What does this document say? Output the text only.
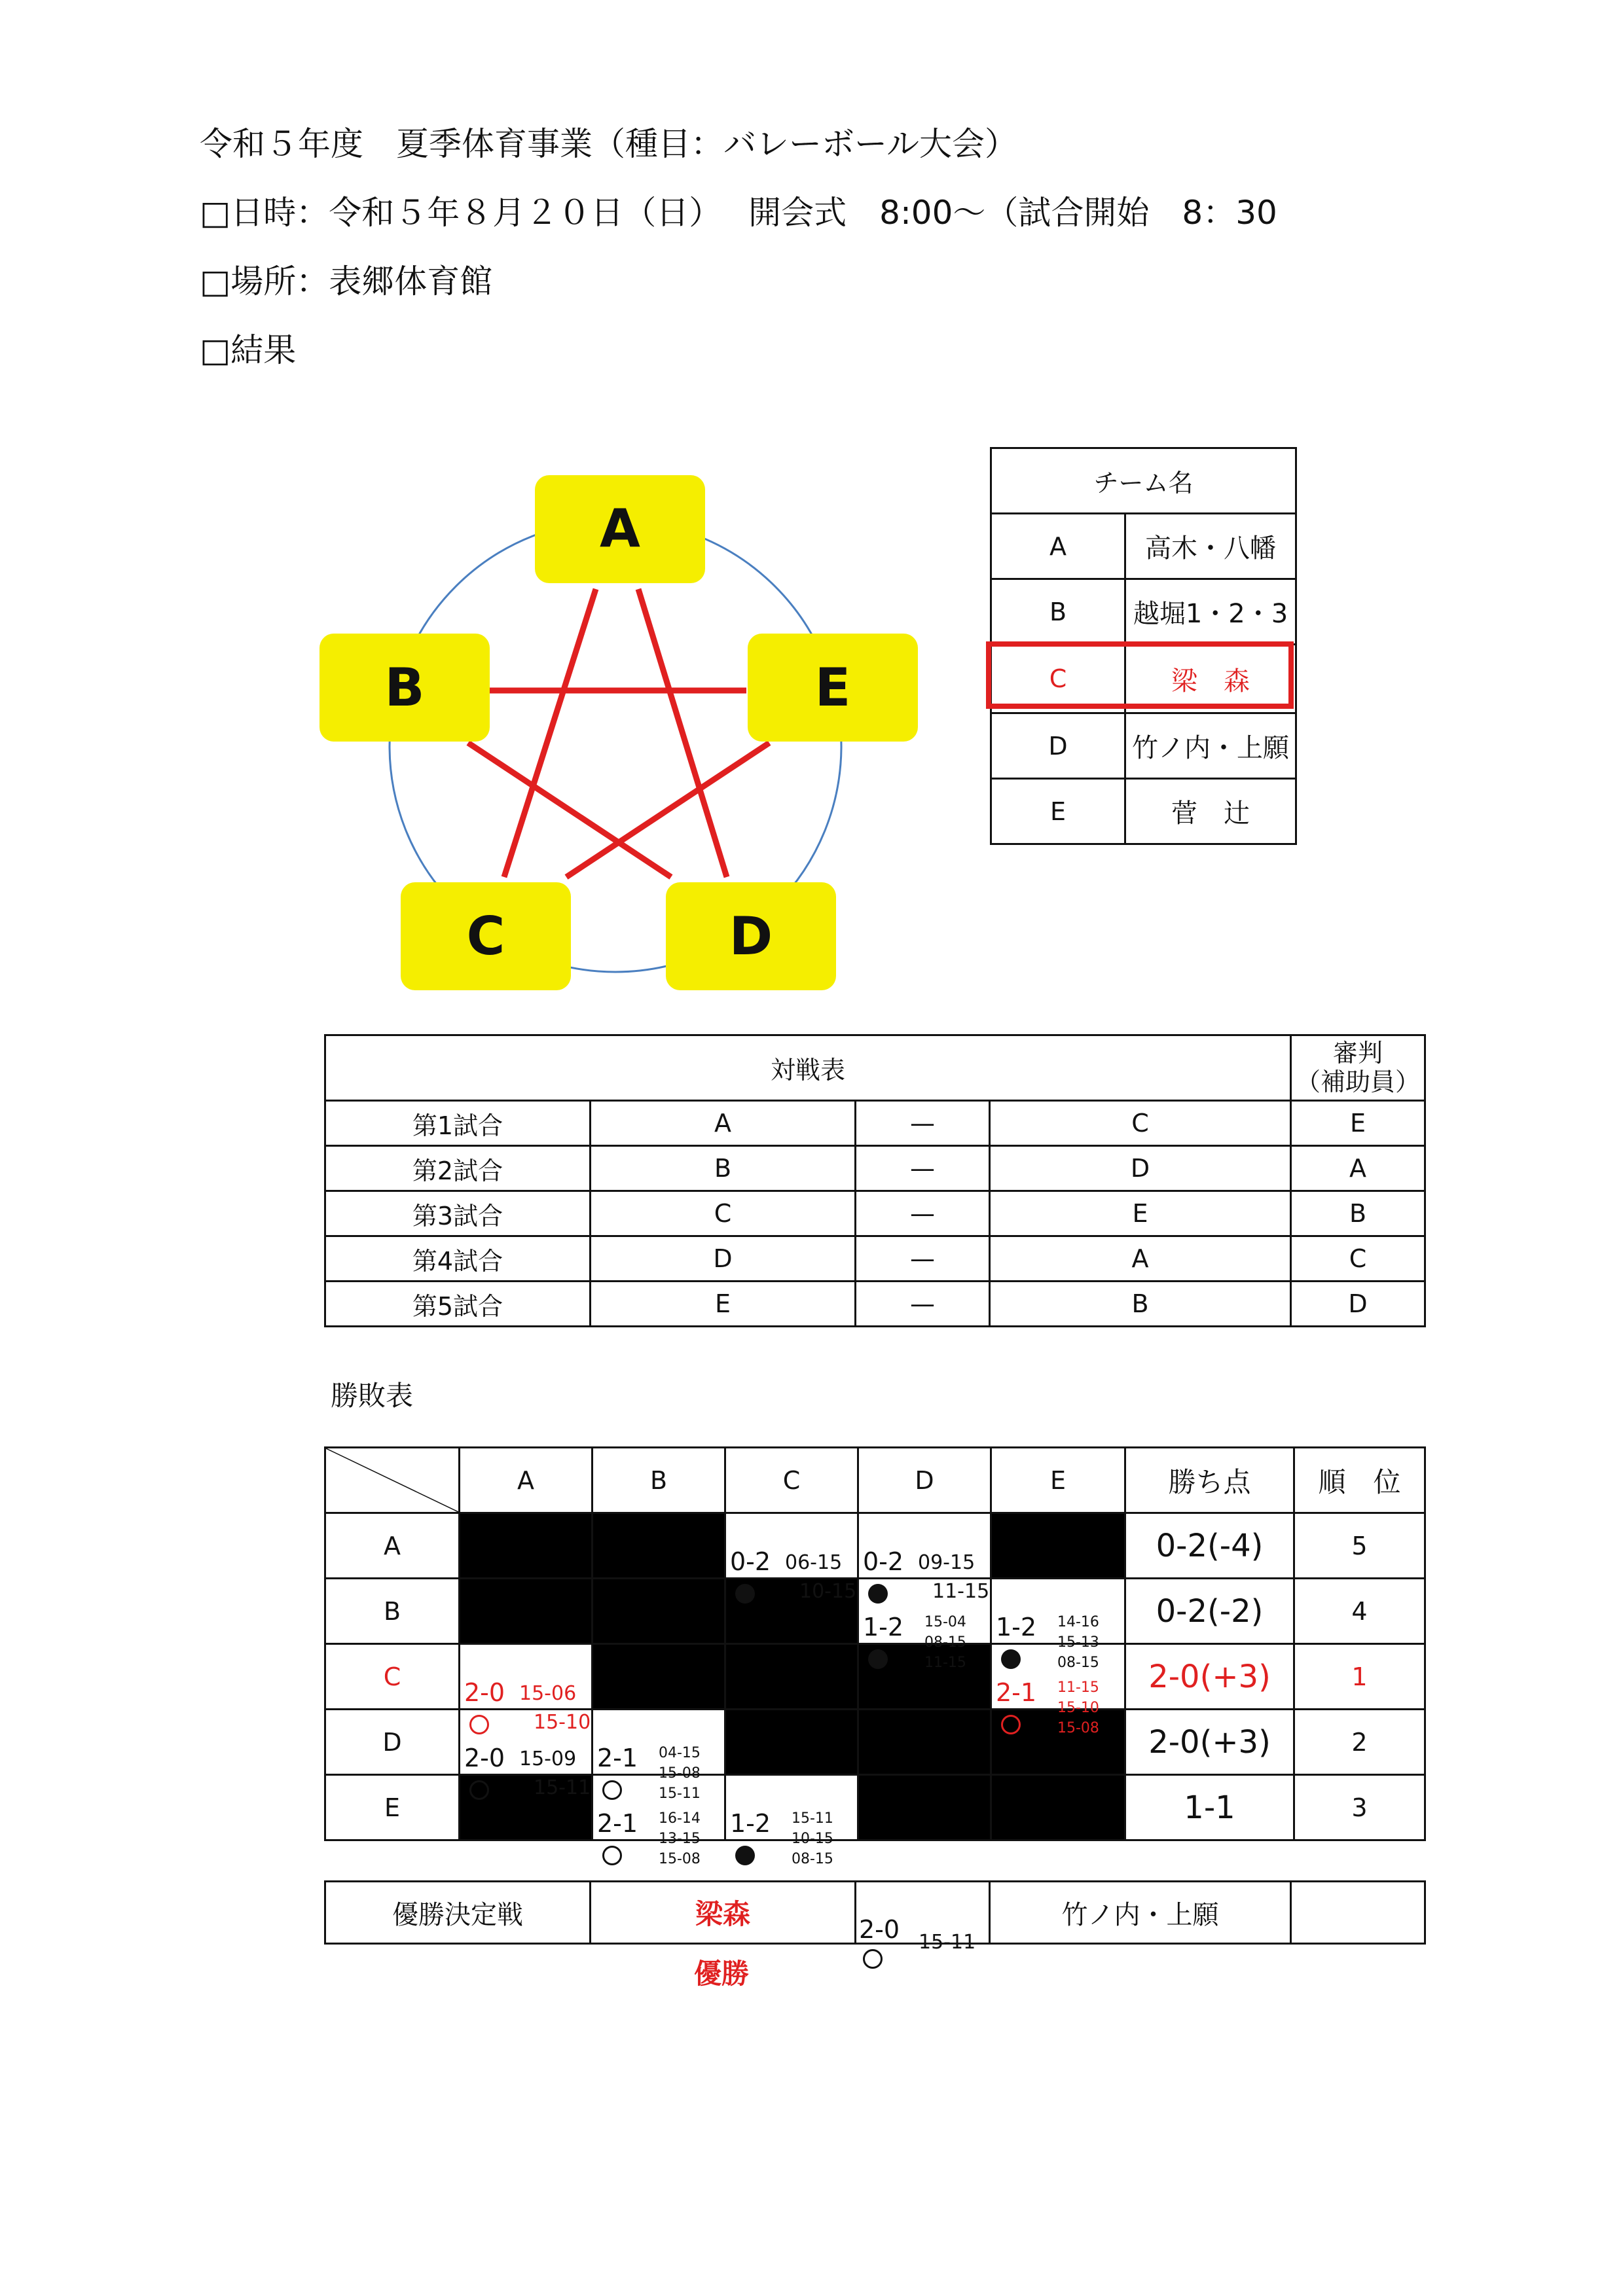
令和５年度　夏季体育事業（種目：バレーボール大会）
□日時：令和５年８月２０日（日）　 開会式　8:00～（試合開始　8：30
□場所：表郷体育館
□結果
A
B
C	D
E
チーム名	
A	高木・八幡
B	越堀1・2・3
C	梁　森
D	竹ノ内・上願
E	菅　辻
対戦表				審判
（補助員）

第1試合	A	—	C	E
第2試合	B	—	D	A
第3試合	C	—	E	B
第4試合	D	—	A	C
第5試合	E	—	B	D
勝敗表
	A	B	C	D	E	勝ち点	順　位
A			0-2 06-15
10-15	0-2 09-15
11-15		0-2(-4)	5
B				1-2 15-04
08-15
11-15	1-2 14-16
15-13
08-15	0-2(-2)	4
C	2-0 15-06
15-10				2-1 11-15
15-10
15-08	2-0(+3)	1
D	2-0 15-09
15-11	2-1 04-15
15-08
15-11				2-0(+3)	2
E		2-1 16-14
13-15
15-08	1-2 15-11
10-15
08-15			1-1	3
優勝決定戦	梁森	2-0 15-11
	竹ノ内・上願	
優勝
